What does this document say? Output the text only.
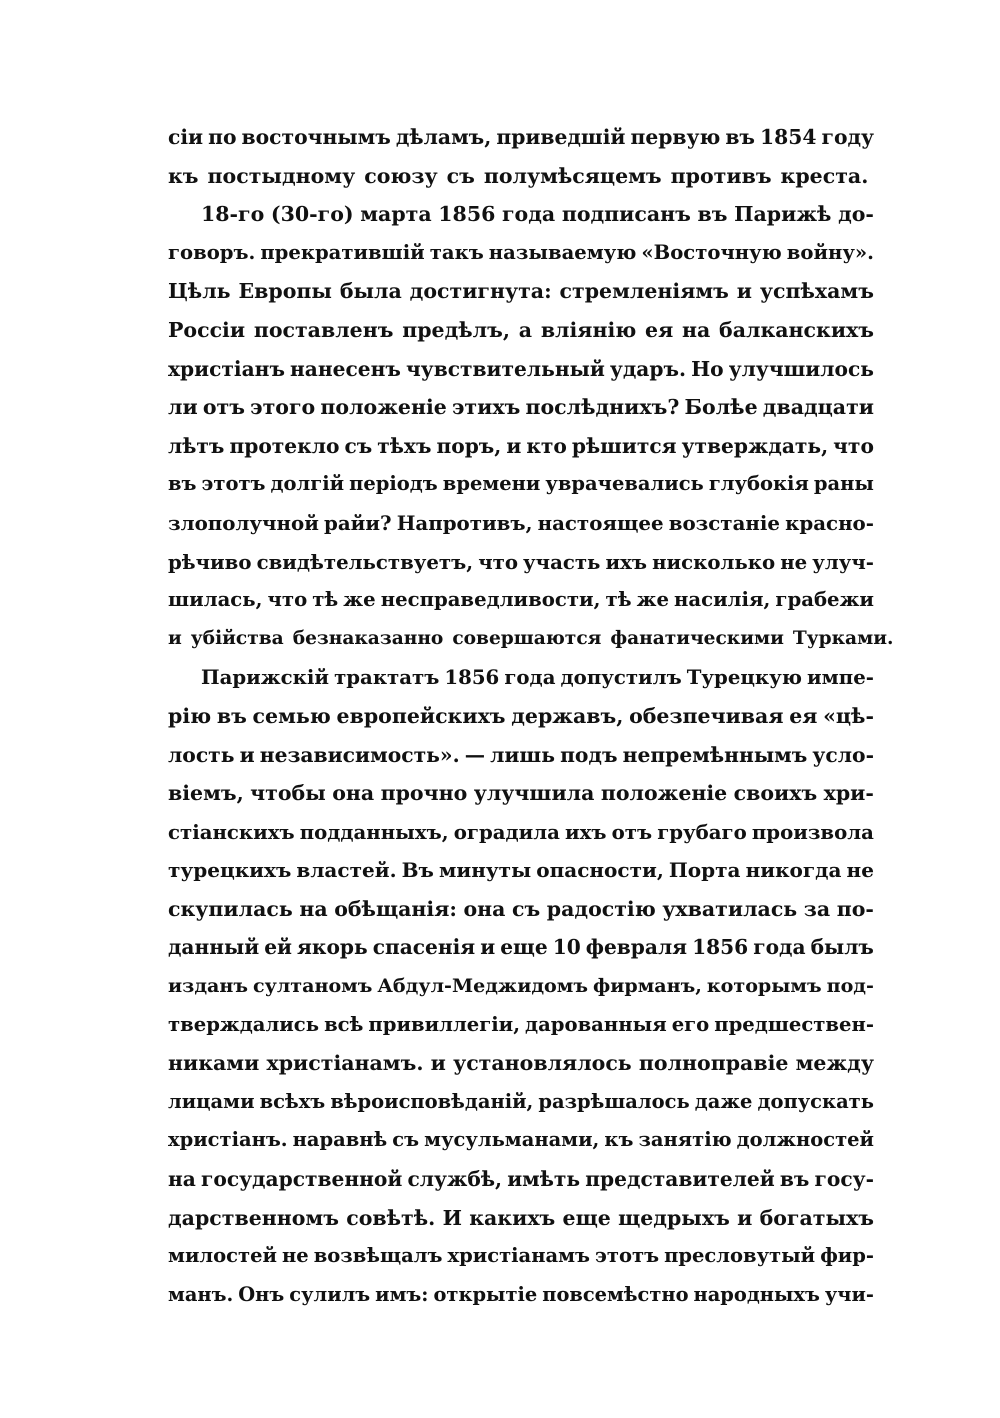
сіи по восточнымъ дѣламъ, приведшій первую въ 1854 году
къ постыдному союзу съ полумѣсяцемъ противъ креста.
18-го (30-го) марта 1856 года подписанъ въ Парижѣ до-
говоръ. прекратившій такъ называемую «Восточную войну».
Цѣль Европы была достигнута: стремленіямъ и успѣхамъ
Россіи поставленъ предѣлъ, а вліянію ея на балканскихъ
христіанъ нанесенъ чувствительный ударъ. Но улучшилось
ли отъ этого положеніе этихъ послѣднихъ? Болѣе двадцати
лѣтъ протекло съ тѣхъ поръ, и кто рѣшится утверждать, что
въ этотъ долгій періодъ времени уврачевались глубокія раны
злополучной райи? Напротивъ, настоящее возстаніе красно-
рѣчиво свидѣтельствуетъ, что участь ихъ нисколько не улуч-
шилась, что тѣ же несправедливости, тѣ же насилія, грабежи
и убійства безнаказанно совершаются фанатическими Турками.
Парижскій трактатъ 1856 года допустилъ Турецкую импе-
рію въ семью европейскихъ державъ, обезпечивая ея «цѣ-
лость и независимость». — лишь подъ непремѣннымъ усло-
віемъ, чтобы она прочно улучшила положеніе своихъ хри-
стіанскихъ подданныхъ, оградила ихъ отъ грубаго произвола
турецкихъ властей. Въ минуты опасности, Порта никогда не
скупилась на обѣщанія: она съ радостію ухватилась за по-
данный ей якорь спасенія и еще 10 февраля 1856 года былъ
изданъ султаномъ Абдул-Меджидомъ фирманъ, которымъ под-
тверждались всѣ привиллегіи, дарованныя его предшествен-
никами христіанамъ. и установлялось полноправіе между
лицами всѣхъ вѣроисповѣданій, разрѣшалось даже допускать
христіанъ. наравнѣ съ мусульманами, къ занятію должностей
на государственной службѣ, имѣть представителей въ госу-
дарственномъ совѣтѣ. И какихъ еще щедрыхъ и богатыхъ
милостей не возвѣщалъ христіанамъ этотъ пресловутый фир-
манъ. Онъ сулилъ имъ: открытіе повсемѣстно народныхъ учи-
